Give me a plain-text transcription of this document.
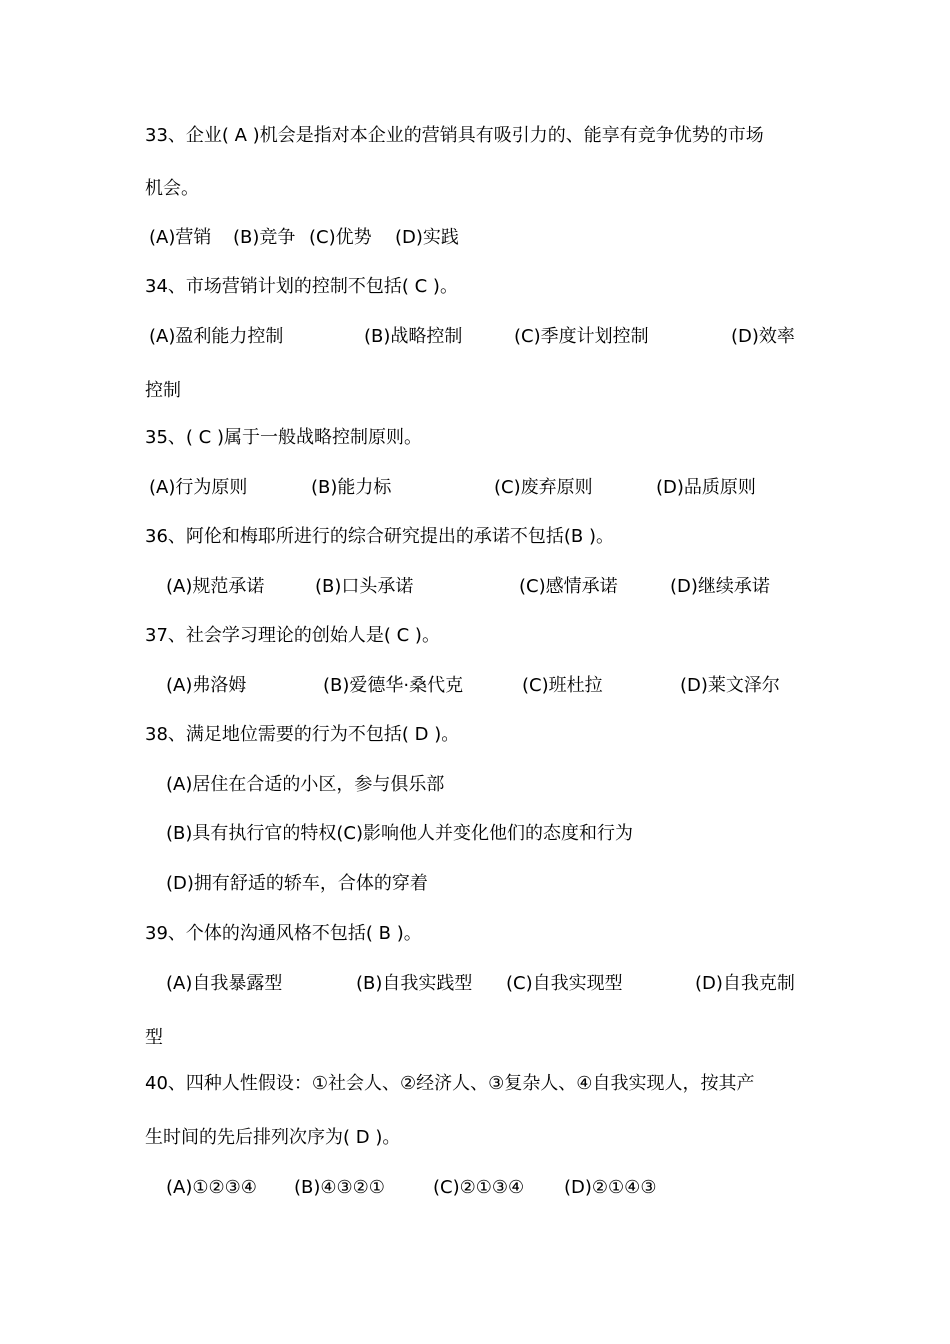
33、企业( A )机会是指对本企业的营销具有吸引力的、能享有竞争优势的市场
机会。
(A)营销 (B)竞争 (C)优势 (D)实践
34、市场营销计划的控制不包括( C )。
(A)盈利能力控制	(B)战略控制	(C)季度计划控制	(D)效率
控制
35、( C )属于一般战略控制原则。
(A)行为原则	(B)能力标	(C)废弃原则	(D)品质原则
36、阿伦和梅耶所进行的综合研究提出的承诺不包括(B )。
(A)规范承诺	(B)口头承诺	(C)感情承诺	(D)继续承诺
37、社会学习理论的创始人是( C )。
(A)弗洛姆	(B)爱德华·桑代克	(C)班杜拉	(D)莱文泽尔
38、满足地位需要的行为不包括( D )。
(A)居住在合适的小区，参与俱乐部
(B)具有执行官的特权(C)影响他人并变化他们的态度和行为
(D)拥有舒适的轿车，合体的穿着
39、个体的沟通风格不包括( B )。
(A)自我暴露型	(B)自我实践型 (C)自我实现型	(D)自我克制
型
40、四种人性假设：①社会人、②经济人、③复杂人、④自我实现人，按其产
生时间的先后排列次序为( D )。
(A)①②③④ (B)④③②①	(C)②①③④ (D)②①④③
